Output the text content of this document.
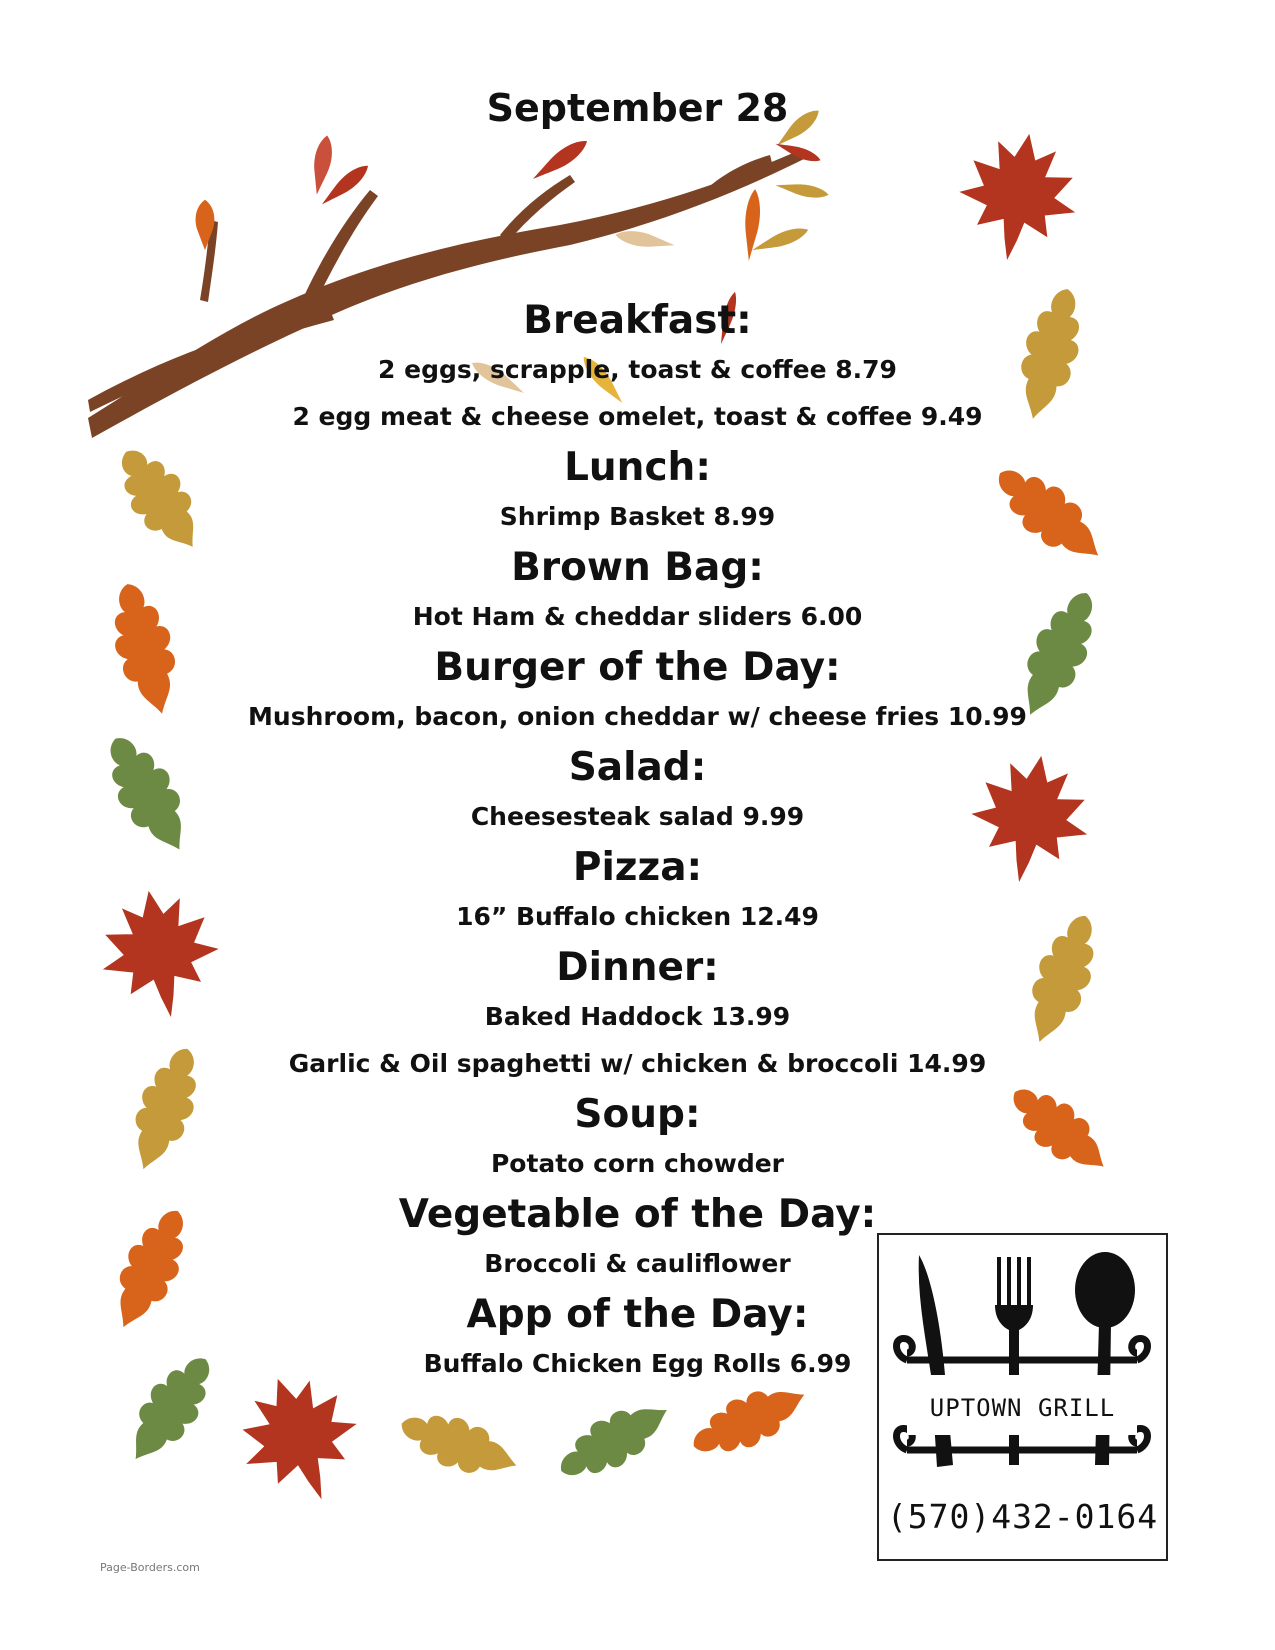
September 28
Breakfast:
2 eggs, scrapple, toast & coffee 8.79
2 egg meat & cheese omelet, toast & coffee 9.49
Lunch:
Shrimp Basket 8.99
Brown Bag:
Hot Ham & cheddar sliders 6.00
Burger of the Day:
Mushroom, bacon, onion cheddar w/ cheese fries 10.99
Salad:
Cheesesteak salad 9.99
Pizza:
16” Buffalo chicken 12.49
Dinner:
Baked Haddock 13.99
Garlic & Oil spaghetti w/ chicken & broccoli 14.99
Soup:
Potato corn chowder
Vegetable of the Day:
Broccoli & cauliflower
App of the Day:
Buffalo Chicken Egg Rolls 6.99
UPTOWN GRILL
(570)432-0164
Page-Borders.com
